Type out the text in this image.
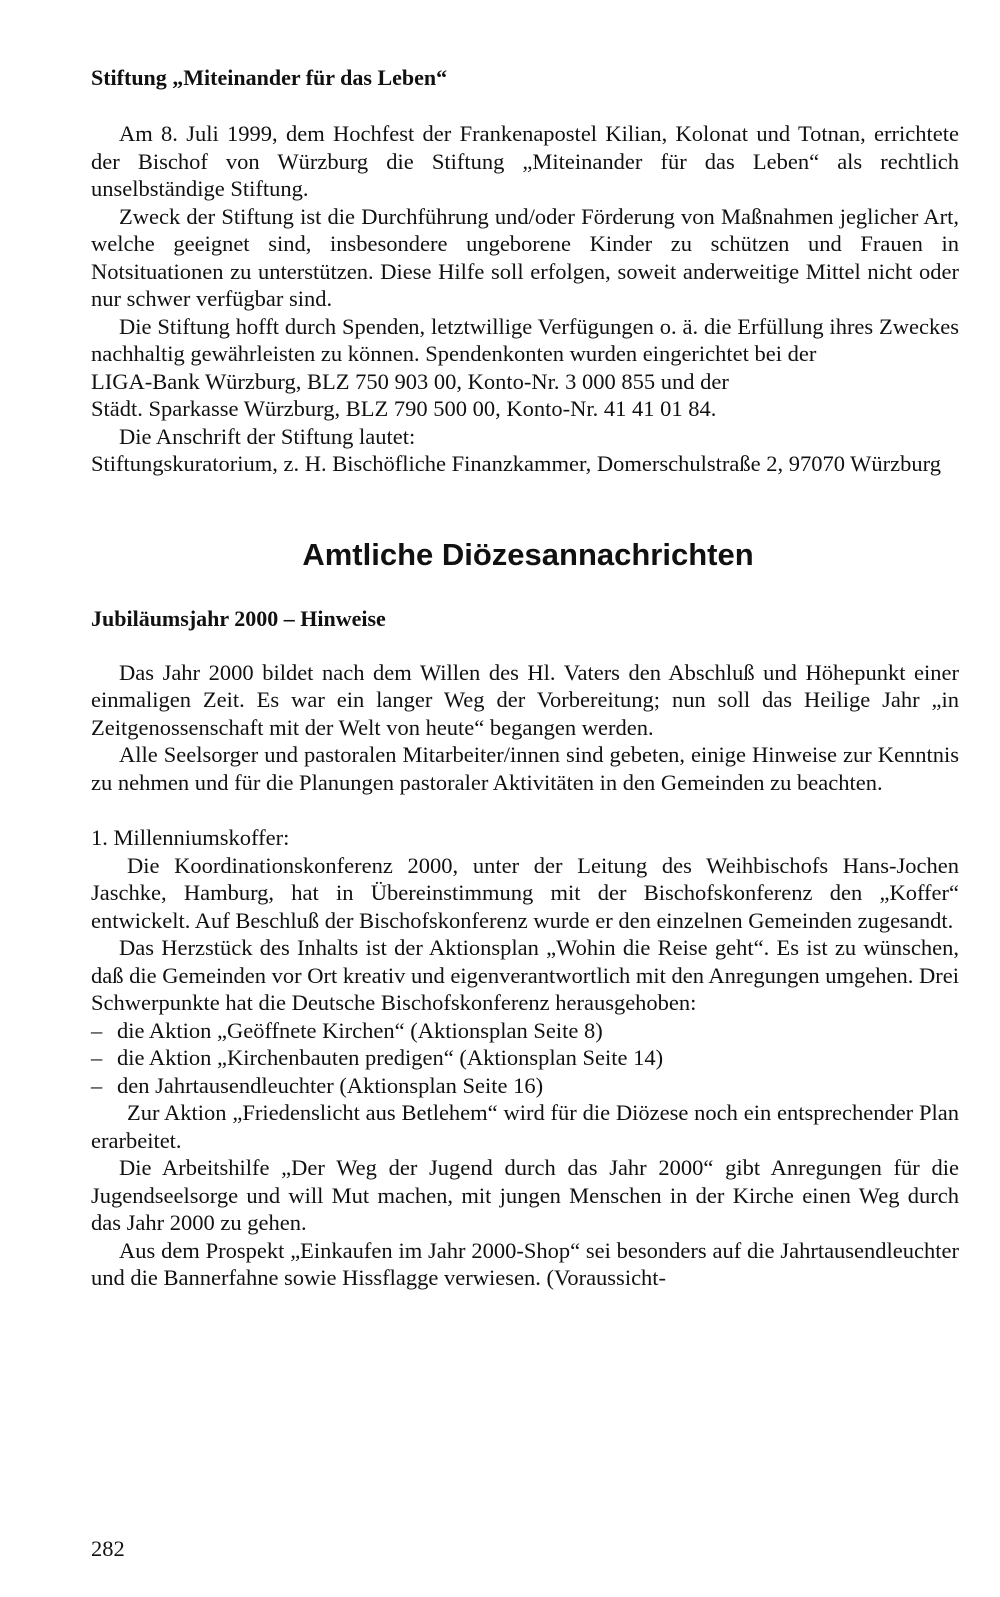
Stiftung „Miteinander für das Leben“

Am 8. Juli 1999, dem Hochfest der Frankenapostel Kilian, Kolonat und Totnan, errichtete der Bischof von Würzburg die Stiftung „Miteinander für das Leben“ als rechtlich unselbständige Stiftung.

Zweck der Stiftung ist die Durchführung und/oder Förderung von Maßnahmen jeglicher Art, welche geeignet sind, insbesondere ungeborene Kinder zu schützen und Frauen in Notsituationen zu unterstützen. Diese Hilfe soll erfolgen, soweit anderweitige Mittel nicht oder nur schwer verfügbar sind.

Die Stiftung hofft durch Spenden, letztwillige Verfügungen o. ä. die Erfüllung ihres Zweckes nachhaltig gewährleisten zu können. Spendenkonten wurden eingerichtet bei der

LIGA-Bank Würzburg, BLZ 750 903 00, Konto-Nr. 3 000 855 und der

Städt. Sparkasse Würzburg, BLZ 790 500 00, Konto-Nr. 41 41 01 84.

Die Anschrift der Stiftung lautet:

Stiftungskuratorium, z. H. Bischöfliche Finanzkammer, Domerschulstraße 2, 97070 Würzburg

Amtliche Diözesannachrichten
Jubiläumsjahr 2000 – Hinweise

Das Jahr 2000 bildet nach dem Willen des Hl. Vaters den Abschluß und Höhepunkt einer einmaligen Zeit. Es war ein langer Weg der Vorbereitung; nun soll das Heilige Jahr „in Zeitgenossenschaft mit der Welt von heute“ begangen werden.

Alle Seelsorger und pastoralen Mitarbeiter/innen sind gebeten, einige Hinweise zur Kenntnis zu nehmen und für die Planungen pastoraler Aktivitäten in den Gemeinden zu beachten.

1. Millenniumskoffer:

Die Koordinationskonferenz 2000, unter der Leitung des Weihbischofs Hans-Jochen Jaschke, Hamburg, hat in Übereinstimmung mit der Bischofskonferenz den „Koffer“ entwickelt. Auf Beschluß der Bischofskonferenz wurde er den einzelnen Gemeinden zugesandt.

Das Herzstück des Inhalts ist der Aktionsplan „Wohin die Reise geht“. Es ist zu wünschen, daß die Gemeinden vor Ort kreativ und eigenverantwortlich mit den Anregungen umgehen. Drei Schwerpunkte hat die Deutsche Bischofskonferenz herausgehoben:

– die Aktion „Geöffnete Kirchen“ (Aktionsplan Seite 8)

– die Aktion „Kirchenbauten predigen“ (Aktionsplan Seite 14)

– den Jahrtausendleuchter (Aktionsplan Seite 16)

Zur Aktion „Friedenslicht aus Betlehem“ wird für die Diözese noch ein entsprechender Plan erarbeitet.

Die Arbeitshilfe „Der Weg der Jugend durch das Jahr 2000“ gibt Anregungen für die Jugendseelsorge und will Mut machen, mit jungen Menschen in der Kirche einen Weg durch das Jahr 2000 zu gehen.

Aus dem Prospekt „Einkaufen im Jahr 2000-Shop“ sei besonders auf die Jahrtausendleuchter und die Bannerfahne sowie Hissflagge verwiesen. (Voraussicht-

282
